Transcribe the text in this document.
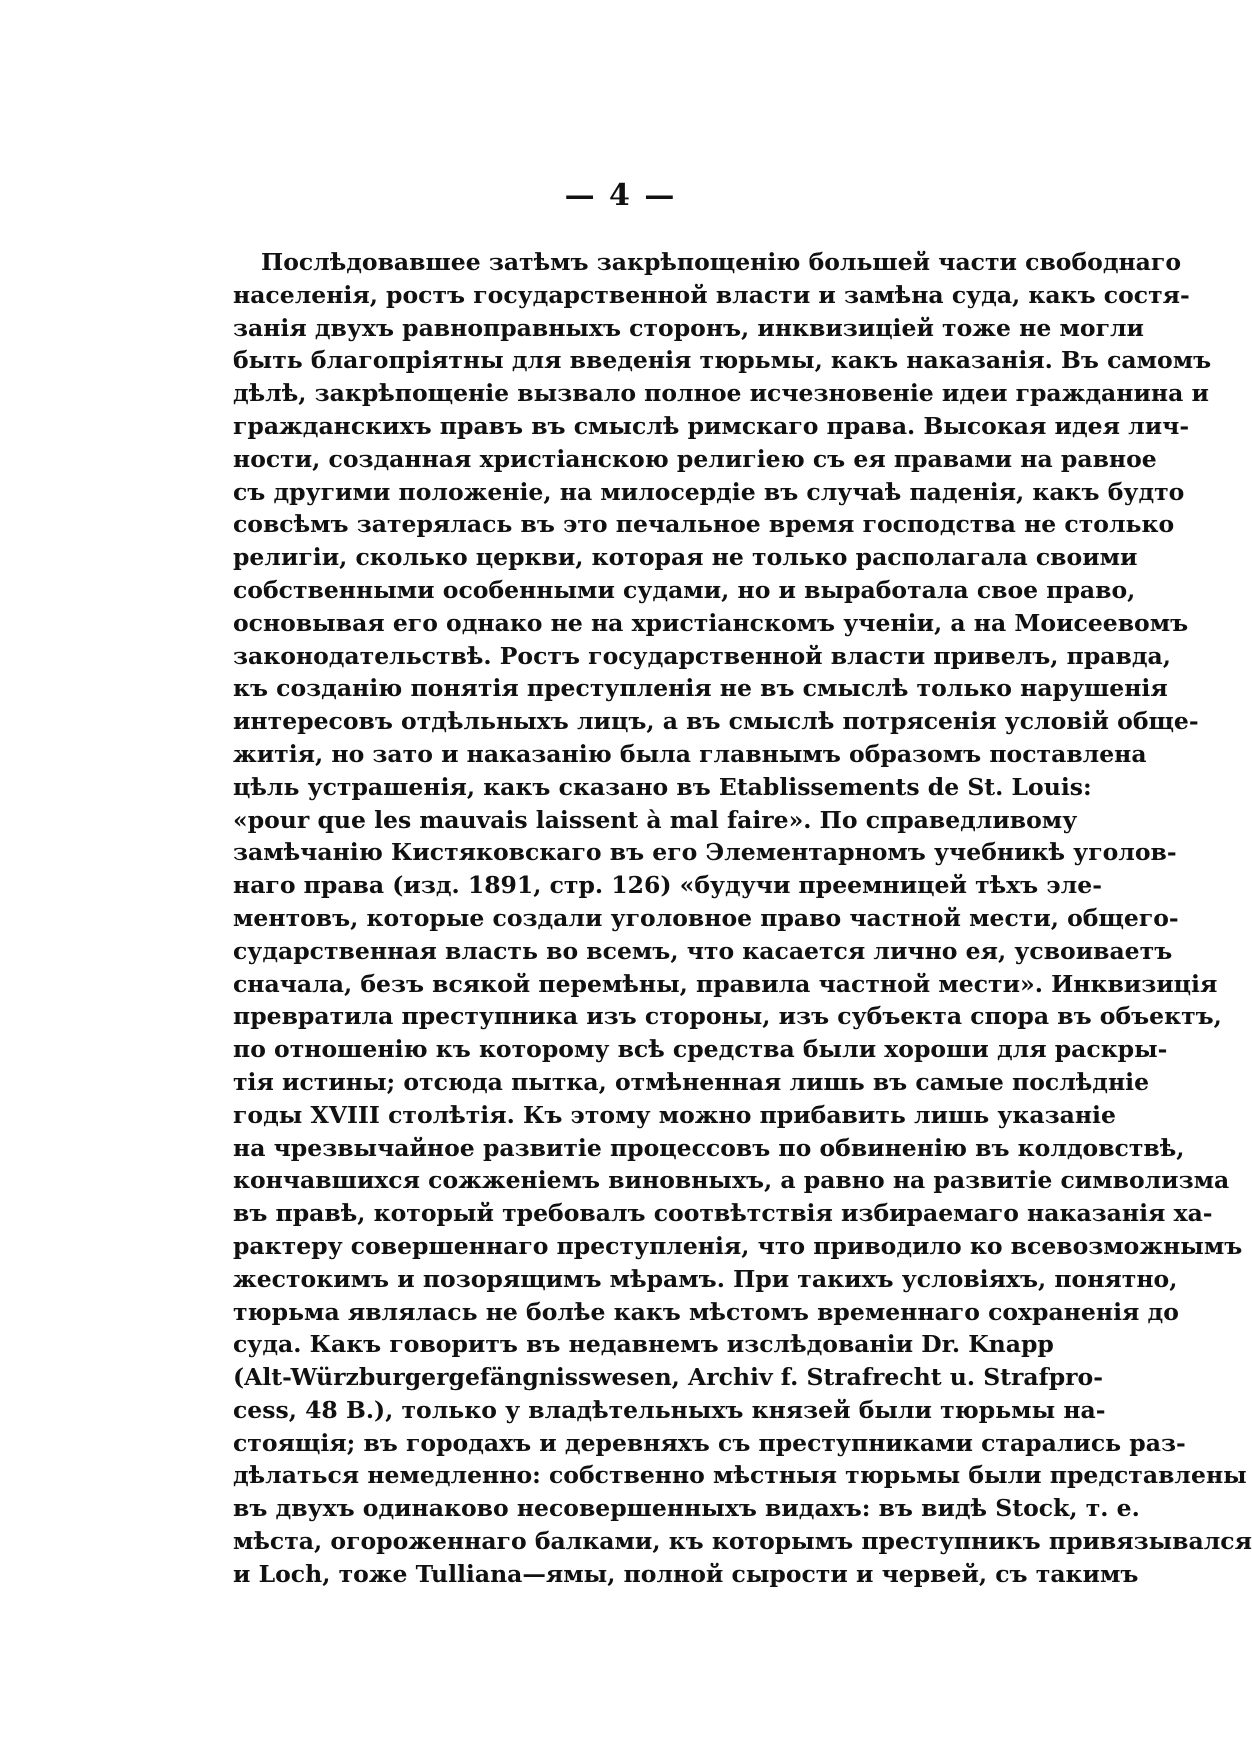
— 4 —
Послѣдовавшее затѣмъ закрѣпощенію большей части свободнаго
населенія, ростъ государственной власти и замѣна суда, какъ состя-
занія двухъ равноправныхъ сторонъ, инквизиціей тоже не могли
быть благопріятны для введенія тюрьмы, какъ наказанія. Въ самомъ
дѣлѣ, закрѣпощеніе вызвало полное исчезновеніе идеи гражданина и
гражданскихъ правъ въ смыслѣ римскаго права. Высокая идея лич-
ности, созданная христіанскою религіею съ ея правами на равное
съ другими положеніе, на милосердіе въ случаѣ паденія, какъ будто
совсѣмъ затерялась въ это печальное время господства не столько
религіи, сколько церкви, которая не только располагала своими
собственными особенными судами, но и выработала свое право,
основывая его однако не на христіанскомъ ученіи, а на Моисеевомъ
законодательствѣ. Ростъ государственной власти привелъ, правда,
къ созданію понятія преступленія не въ смыслѣ только нарушенія
интересовъ отдѣльныхъ лицъ, а въ смыслѣ потрясенія условій обще-
житія, но зато и наказанію была главнымъ образомъ поставлена
цѣль устрашенія, какъ сказано въ Etablissements de St. Louis:
«pour que les mauvais laissent à mal faire». По справедливому
замѣчанію Кистяковскаго въ его Элементарномъ учебникѣ уголов-
наго права (изд. 1891, стр. 126) «будучи преемницей тѣхъ эле-
ментовъ, которые создали уголовное право частной мести, общего-
сударственная власть во всемъ, что касается лично ея, усвоиваетъ
сначала, безъ всякой перемѣны, правила частной мести». Инквизиція
превратила преступника изъ стороны, изъ субъекта спора въ объектъ,
по отношенію къ которому всѣ средства были хороши для раскры-
тія истины; отсюда пытка, отмѣненная лишь въ самые послѣдніе
годы XVIII столѣтія. Къ этому можно прибавить лишь указаніе
на чрезвычайное развитіе процессовъ по обвиненію въ колдовствѣ,
кончавшихся сожженіемъ виновныхъ, а равно на развитіе символизма
въ правѣ, который требовалъ соотвѣтствія избираемаго наказанія ха-
рактеру совершеннаго преступленія, что приводило ко всевозможнымъ
жестокимъ и позорящимъ мѣрамъ. При такихъ условіяхъ, понятно,
тюрьма являлась не болѣе какъ мѣстомъ временнаго сохраненія до
суда. Какъ говоритъ въ недавнемъ изслѣдованіи Dr. Knapp
(Alt-Würzburgergefängnisswesen, Archiv f. Strafrecht u. Strafpro-
cess, 48 B.), только у владѣтельныхъ князей были тюрьмы на-
стоящія; въ городахъ и деревняхъ съ преступниками старались раз-
дѣлаться немедленно: собственно мѣстныя тюрьмы были представлены
въ двухъ одинаково несовершенныхъ видахъ: въ видѣ Stock, т. е.
мѣста, огороженнаго балками, къ которымъ преступникъ привязывался
и Loch, тоже Tulliana—ямы, полной сырости и червей, съ такимъ
